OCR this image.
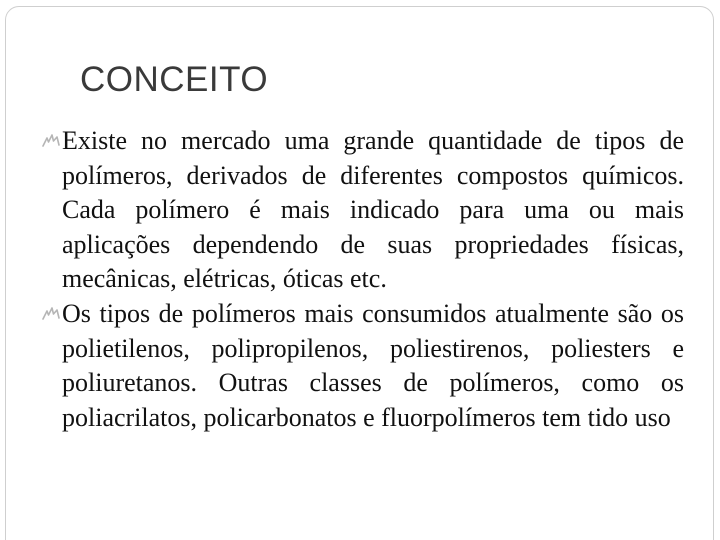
CONCEITO

Existe no mercado uma grande quantidade de tipos de polímeros, derivados de diferentes compostos químicos. Cada polímero é mais indicado para uma ou mais aplicações dependendo de suas propriedades físicas, mecânicas, elétricas, óticas etc.

Os tipos de polímeros mais consumidos atualmente são os polietilenos, polipropilenos, poliestirenos, poliesters e poliuretanos. Outras classes de polímeros, como os poliacrilatos, policarbonatos e fluorpolímeros tem tido uso
